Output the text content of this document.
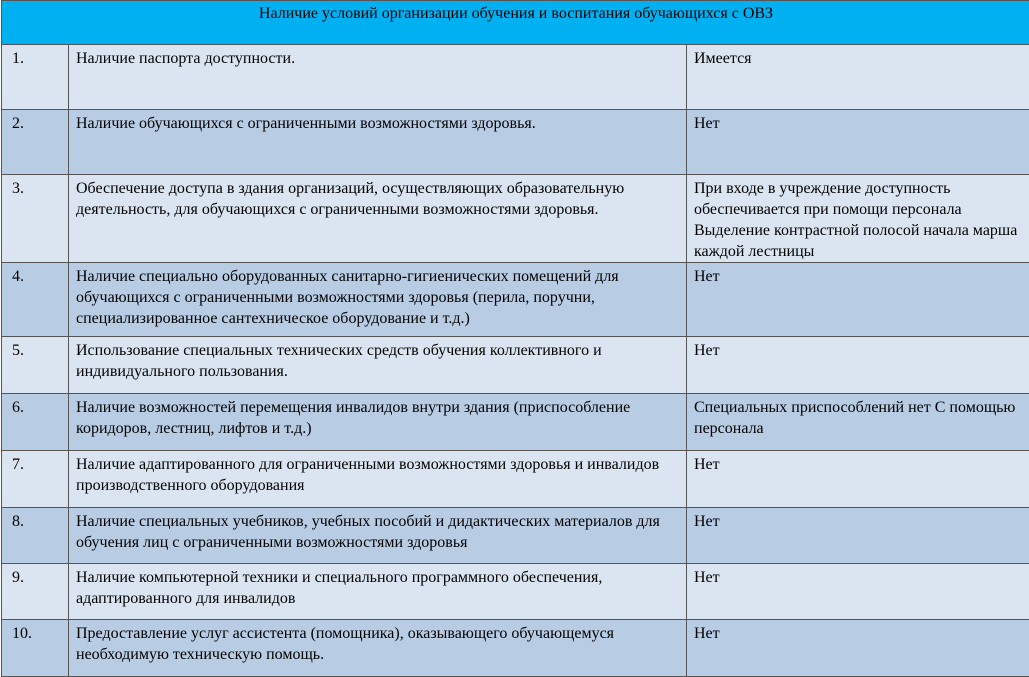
Наличие условий организации обучения и воспитания обучающихся с ОВЗ		
1.	Наличие паспорта доступности.	Имеется
2.	Наличие обучающихся с ограниченными возможностями здоровья.	Нет
3.	Обеспечение доступа в здания организаций, осуществляющих образовательную деятельность, для обучающихся с ограниченными возможностями здоровья.	При входе в учреждение доступность обеспечивается при помощи персонала Выделение контрастной полосой начала марша каждой лестницы
4.	Наличие специально оборудованных санитарно-гигиенических помещений для обучающихся с ограниченными возможностями здоровья (перила, поручни, специализированное сантехническое оборудование и т.д.)	Нет
5.	Использование специальных технических средств обучения коллективного и индивидуального пользования.	Нет
6.	Наличие возможностей перемещения инвалидов внутри здания (приспособление коридоров, лестниц, лифтов и т.д.)	Специальных приспособлений нет С помощью персонала
7.	Наличие адаптированного для ограниченными возможностями здоровья и инвалидов производственного оборудования	Нет
8.	Наличие специальных учебников, учебных пособий и дидактических материалов для обучения лиц с ограниченными возможностями здоровья	Нет
9.	Наличие компьютерной техники и специального программного обеспечения, адаптированного для инвалидов	Нет
10.	Предоставление услуг ассистента (помощника), оказывающего обучающемуся необходимую техническую помощь.	Нет
